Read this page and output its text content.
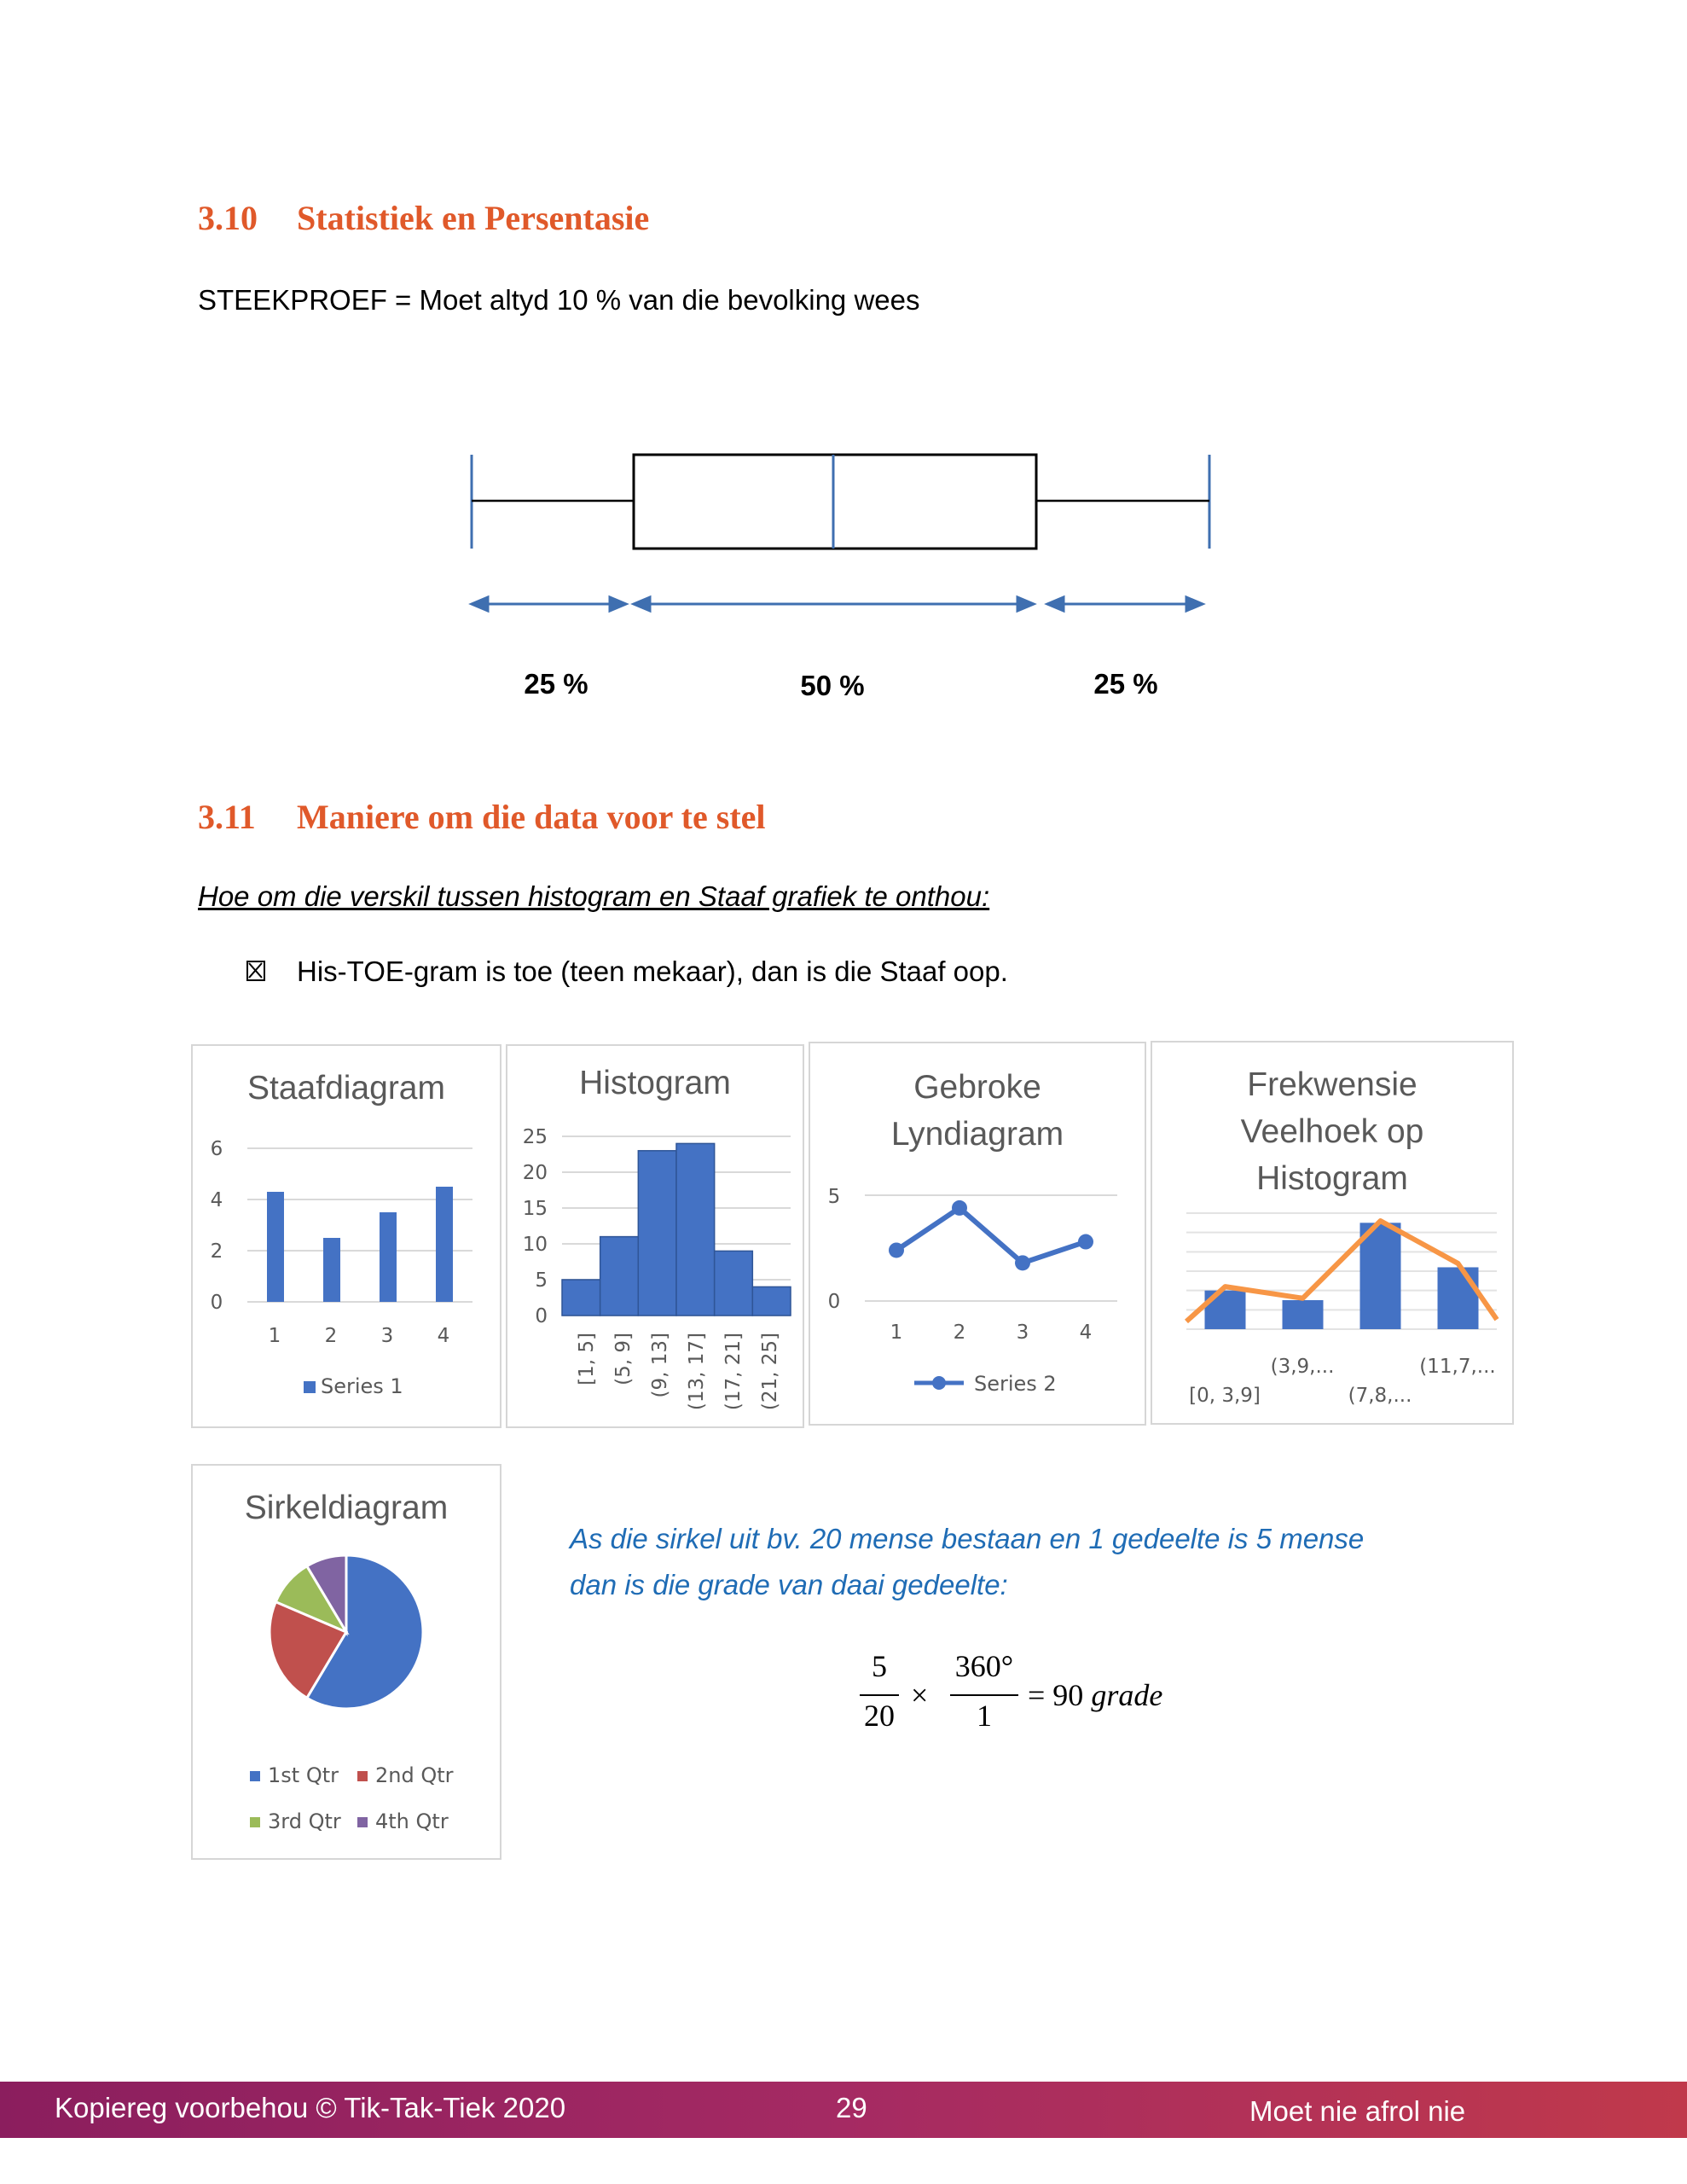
3.10 Statistiek en Persentasie
STEEKPROEF = Moet altyd 10 % van die bevolking wees
25 %	50 %	25 %
3.11 Maniere om die data voor te stel
Hoe om die verskil tussen histogram en Staaf grafiek te onthou:
His-TOE-gram is toe (teen mekaar), dan is die Staaf oop.
Staafdiagram
6
4
2
0
1 2 3 4
Series 1
Histogram
25
20
15
10
5
0
[1, 5] (5, 9] (9, 13] (13, 17] (17, 21] (21, 25]
Gebroke
Lyndiagram
5
0
1	2	3	4
Series 2
Frekwensie
Veelhoek op
Histogram
[0, 3,9]
(3,9,...
(7,8,...
(11,7,...
Sirkeldiagram
1st Qtr 2nd Qtr
3rd Qtr 4th Qtr
As die sirkel uit bv. 20 mense bestaan en 1 gedeelte is 5 mense
dan is die grade van daai gedeelte:
5
20
×
360°
1
= 90 grade
Kopiereg voorbehou © Tik-Tak-Tiek 2020	29	Moet nie afrol nie
